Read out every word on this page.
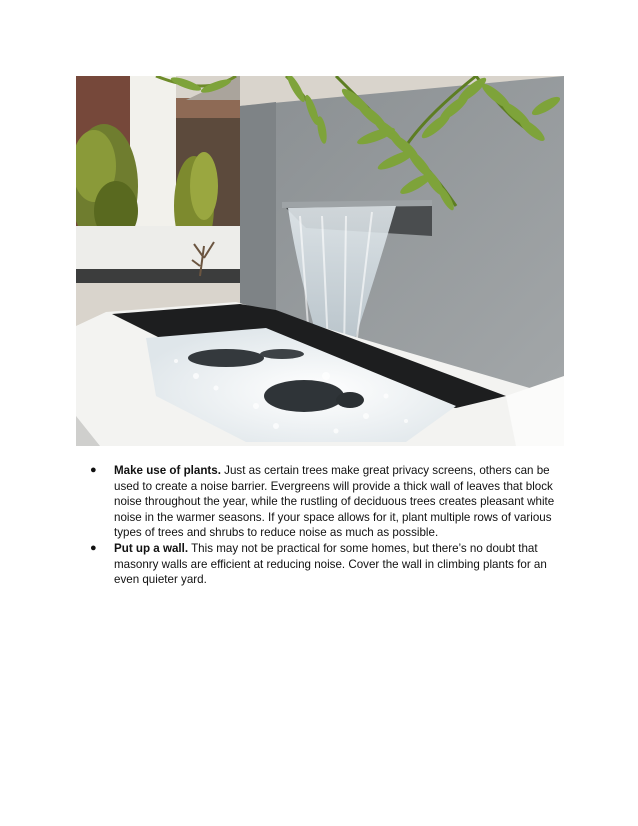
● Make use of plants. Just as certain trees make great privacy screens, others can be used to create a noise barrier. Evergreens will provide a thick wall of leaves that block noise throughout the year, while the rustling of deciduous trees creates pleasant white noise in the warmer seasons. If your space allows for it, plant multiple rows of various types of trees and shrubs to reduce noise as much as possible.
● Put up a wall. This may not be practical for some homes, but there’s no doubt that masonry walls are efficient at reducing noise. Cover the wall in climbing plants for an even quieter yard.
